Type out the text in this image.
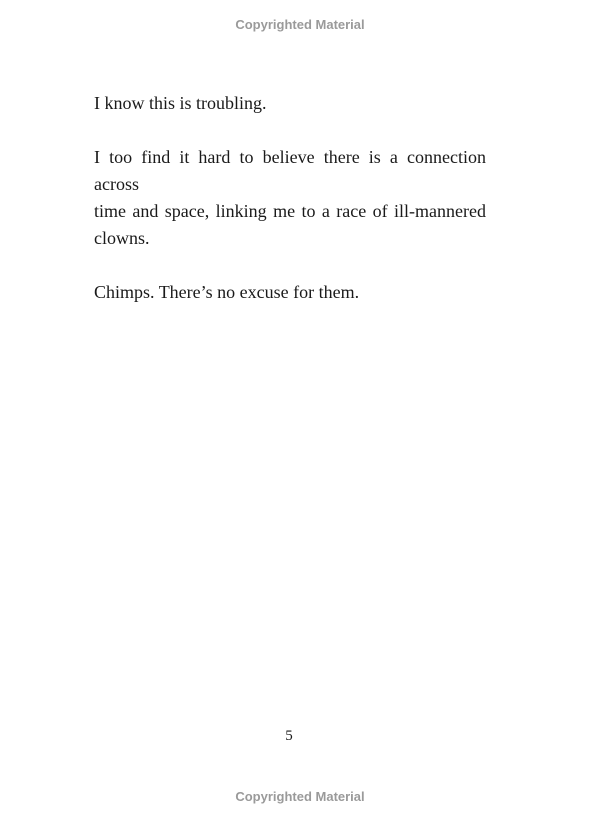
Copyrighted Material

I know this is troubling.

I too find it hard to believe there is a connection across
time and space, linking me to a race of ill-mannered
clowns.

Chimps. There’s no excuse for them.

5
Copyrighted Material
